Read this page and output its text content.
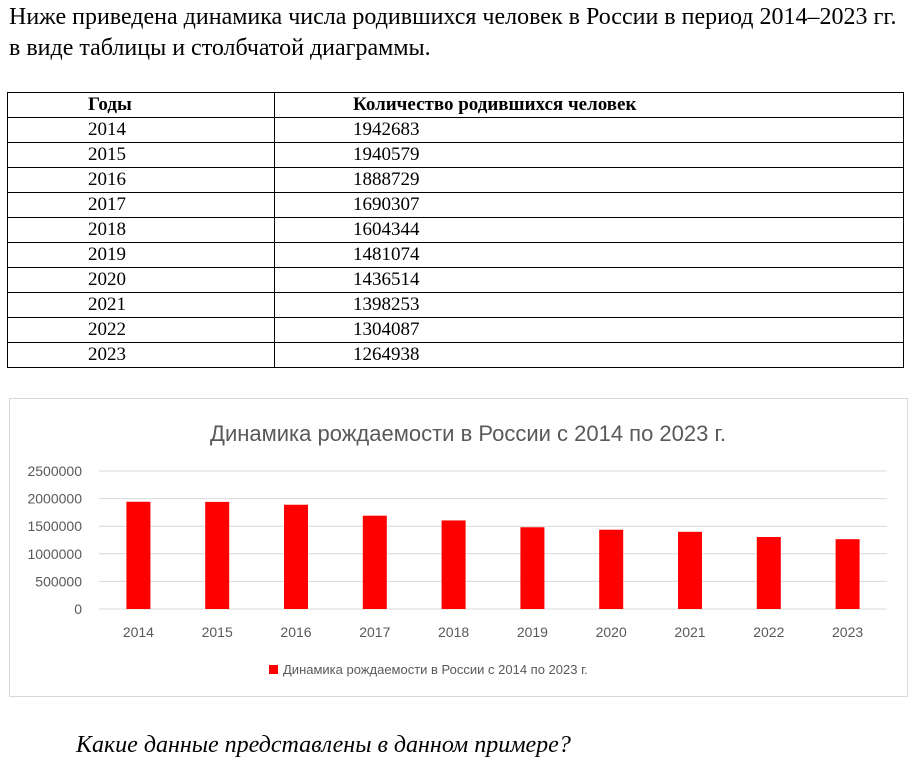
Ниже приведена динамика числа родившихся человек в России в период 2014–2023 гг. в виде таблицы и столбчатой диаграммы.

Годы	Количество родившихся человек
2014	1942683
2015	1940579
2016	1888729
2017	1690307
2018	1604344
2019	1481074
2020	1436514
2021	1398253
2022	1304087
2023	1264938
Динамика рождаемости в России с 2014 по 2023 г.
0
500000
1000000
1500000
2000000
2500000
2014	2015	2016	2017	2018	2019	2020	2021	2022	2023
Динамика рождаемости в России с 2014 по 2023 г.

Какие данные представлены в данном примере?
